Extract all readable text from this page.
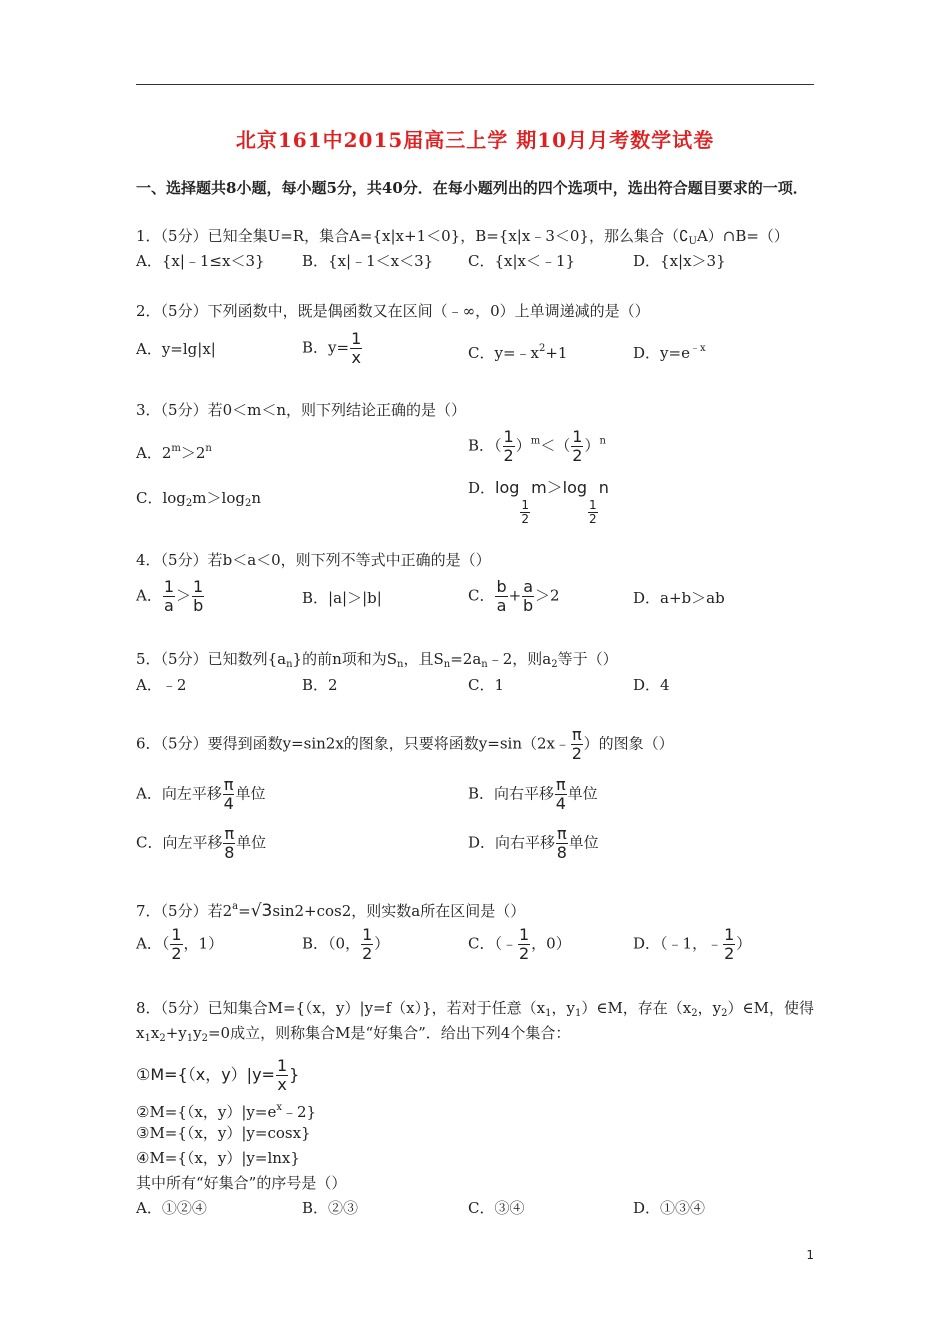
北京161中2015届高三上学 期10月月考数学试卷
一、选择题共8小题，每小题5分，共40分．在每小题列出的四个选项中，选出符合题目要求的一项．
1．（5分）已知全集U=R，集合A={x|x+1＜0}，B={x|x﹣3＜0}，那么集合$(∁_UA)\cap B=()$
A．{x|﹣1≤x＜3} B．{x|﹣1＜x＜3} C．{x|x＜﹣1}	D．{x|x＞3}
2．（5分）下列函数中，既是偶函数又在区间（﹣∞，0）上单调递减的是（）
A．y=lg|x|	B．$y= \frac{1}{x}$	C．$y=﹣x^2+1$	D．$y=e^{﹣x}$
3．（5分）若0＜m＜n，则下列结论正确的是（）
A．$2^m>2^n$	B．（ $\frac{1}{2} )^m<( \frac{1}{2} )^n$
C．$\log_2m>\log_2n$
D．log
$\frac{1}{2}$
m＞log
$\frac{1}{2}$
n
4．（5分）若b＜a＜0，则下列不等式中正确的是（）
A． $\frac{1}{a} > \frac{1}{b}$	B．|a|＞|b|	C． $\frac{b}{a} + \frac{a}{b} >2$	D．a+b＞ab
5．（5分）已知数列$\{a_n\}$的前n项和为$S_n$，且$S_n=2a_n﹣2$，则$a_2$等于（）
A．﹣2	B．2	C．1	D．4
6．（5分）要得到函数y=sin2x的图象，只要将函数y=sin（2x﹣ $\frac{\pi}{2}$ ）的图象（）
A．向左平移 $\frac{\pi}{4}$ 单位	B．向右平移 $\frac{\pi}{4}$ 单位
C．向左平移 $\frac{\pi}{8}$ 单位	D．向右平移 $\frac{\pi}{8}$ 单位
7．（5分）若$2^a=√3\sin 2+\cos 2$，则实数a所在区间是（）
A．（ $\frac{1}{2}$ ，1）	B．（0， $\frac{1}{2}$ ）	C．（﹣ $\frac{1}{2}$ ，0）	D．（﹣1，﹣ $\frac{1}{2}$ ）
8．（5分）已知集合M={（x，y）|y=f（x）}，若对于任意（$x_1$，$y_1)\in M$，存在（$x_2$，$y_2)\in M$，使得
$x_1x_2+y_1y_2=0$成立，则称集合M是“好集合”．给出下列4个集合：
①M={（x，$y)|y= \frac{1}{x}$ }
②M={（x，$y)|y=e^x﹣2$}
③M={（x，y）|y=cosx}
④M={（x，y）|y=lnx}
其中所有“好集合”的序号是（）
A．①②④	B．②③	C．③④	D．①③④
1
